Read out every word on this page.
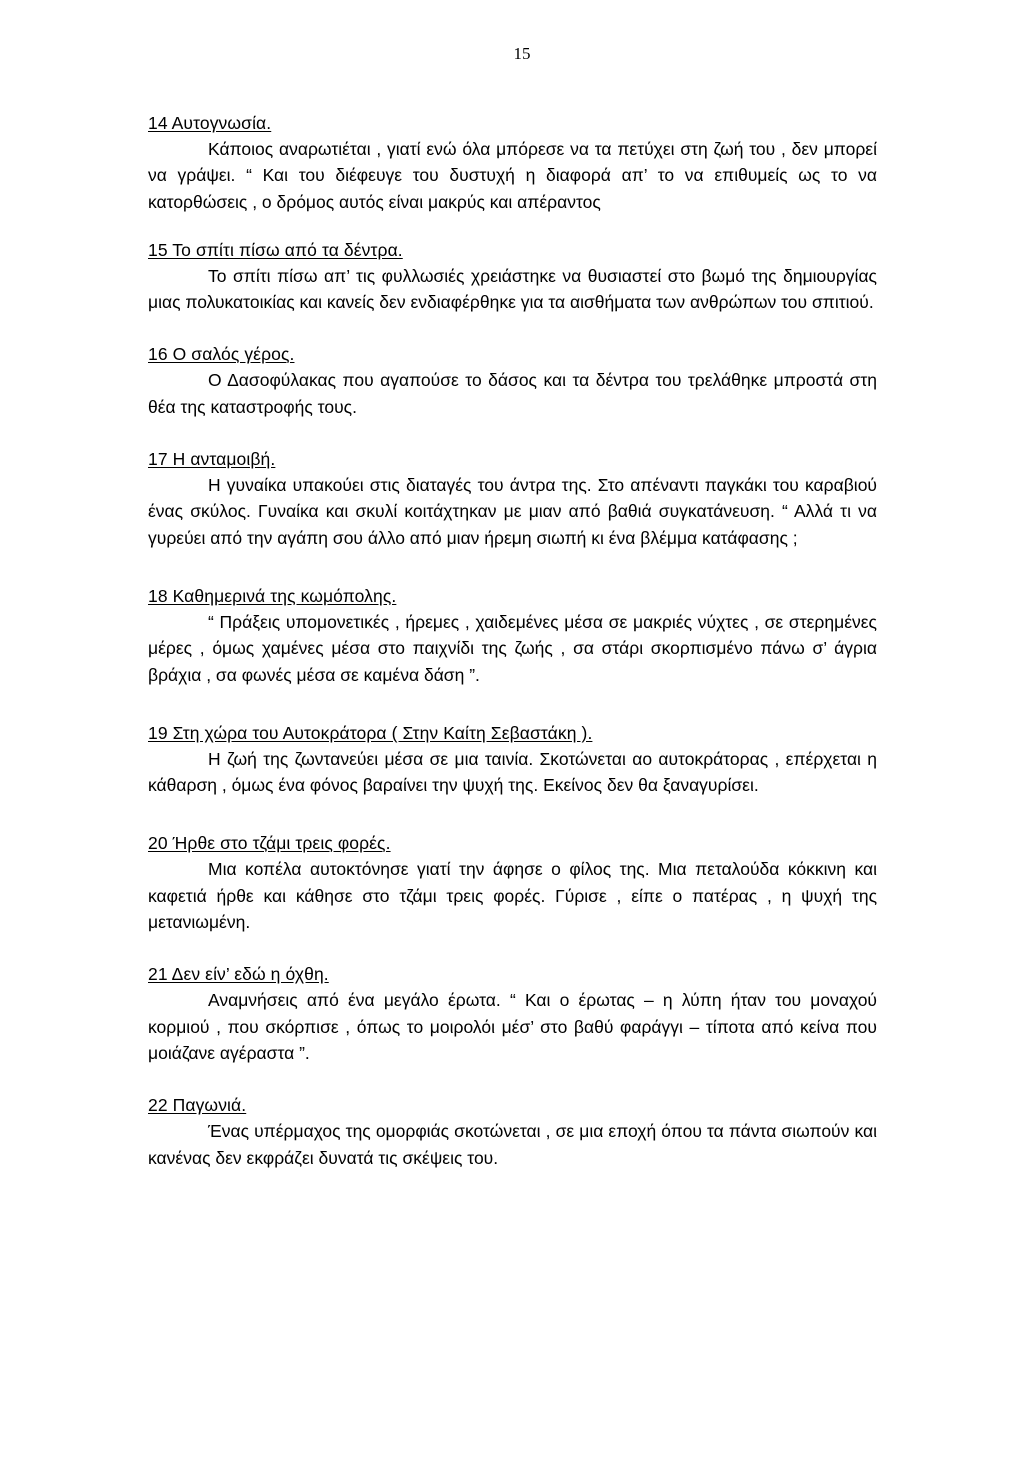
15
14 Αυτογνωσία.

Κάποιος αναρωτιέται , γιατί ενώ όλα μπόρεσε να τα πετύχει στη ζωή του , δεν μπορεί να γράψει. “ Και του διέφευγε του δυστυχή η διαφορά απ’ το να επιθυμείς ως το να κατορθώσεις , ο δρόμος αυτός είναι μακρύς και απέραντος

15 Το σπίτι πίσω από τα δέντρα.

Το σπίτι πίσω απ’ τις φυλλωσιές χρειάστηκε να θυσιαστεί στο βωμό της δημιουργίας μιας πολυκατοικίας και κανείς δεν ενδιαφέρθηκε για τα αισθήματα των ανθρώπων του σπιτιού.

16 Ο σαλός γέρος.

Ο Δασοφύλακας που αγαπούσε το δάσος και τα δέντρα του τρελάθηκε μπροστά στη θέα της καταστροφής τους.

17 Η ανταμοιβή.

Η γυναίκα υπακούει στις διαταγές του άντρα της. Στο απέναντι παγκάκι του καραβιού ένας σκύλος. Γυναίκα και σκυλί κοιτάχτηκαν με μιαν από βαθιά συγκατάνευση. “ Αλλά τι να γυρεύει από την αγάπη σου άλλο από μιαν ήρεμη σιωπή κι ένα βλέμμα κατάφασης ;

18 Καθημερινά της κωμόπολης.

“ Πράξεις υπομονετικές , ήρεμες , χαιδεμένες μέσα σε μακριές νύχτες , σε στερημένες μέρες , όμως χαμένες μέσα στο παιχνίδι της ζωής , σα στάρι σκορπισμένο πάνω σ’ άγρια βράχια , σα φωνές μέσα σε καμένα δάση ”.

19 Στη χώρα του Αυτοκράτορα ( Στην Καίτη Σεβαστάκη ).

Η ζωή της ζωντανεύει μέσα σε μια ταινία. Σκοτώνεται αο αυτοκράτορας , επέρχεται η κάθαρση , όμως ένα φόνος βαραίνει την ψυχή της. Εκείνος δεν θα ξαναγυρίσει.

20 Ήρθε στο τζάμι τρεις φορές.

Μια κοπέλα αυτοκτόνησε γιατί την άφησε ο φίλος της. Μια πεταλούδα κόκκινη και καφετιά ήρθε και κάθησε στο τζάμι τρεις φορές. Γύρισε , είπε ο πατέρας , η ψυχή της μετανιωμένη.

21 Δεν είν’ εδώ η όχθη.

Αναμνήσεις από ένα μεγάλο έρωτα. “ Και ο έρωτας – η λύπη ήταν του μοναχού κορμιού , που σκόρπισε , όπως το μοιρολόι μέσ’ στο βαθύ φαράγγι – τίποτα από κείνα που μοιάζανε αγέραστα ”.

22 Παγωνιά.

Ένας υπέρμαχος της ομορφιάς σκοτώνεται , σε μια εποχή όπου τα πάντα σιωπούν και κανένας δεν εκφράζει δυνατά τις σκέψεις του.
